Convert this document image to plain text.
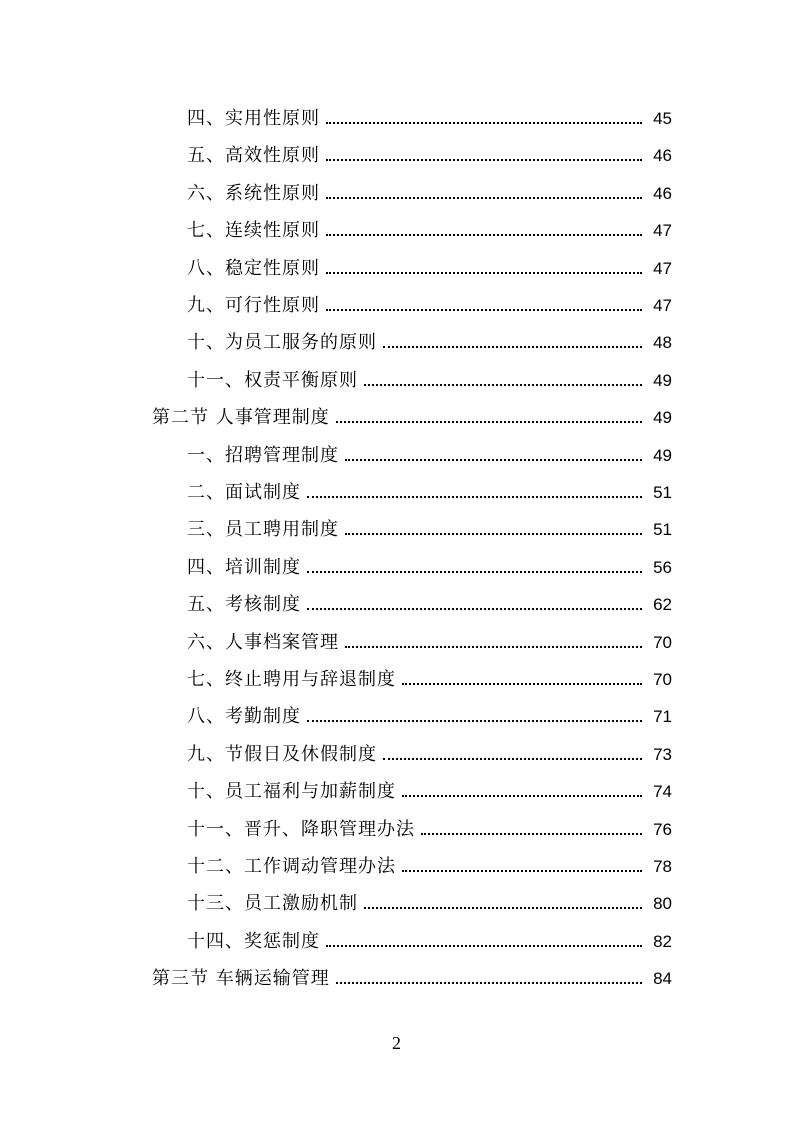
四、实用性原则	45
五、高效性原则	46
六、系统性原则	46
七、连续性原则	47
八、稳定性原则	47
九、可行性原则	47
十、为员工服务的原则	48
十一、权责平衡原则	49
第二节 人事管理制度	49
一、招聘管理制度	49
二、面试制度	51
三、员工聘用制度	51
四、培训制度	56
五、考核制度	62
六、人事档案管理	70
七、终止聘用与辞退制度	70
八、考勤制度	71
九、节假日及休假制度	73
十、员工福利与加薪制度	74
十一、晋升、降职管理办法	76
十二、工作调动管理办法	78
十三、员工激励机制	80
十四、奖惩制度	82
第三节 车辆运输管理	84
2
